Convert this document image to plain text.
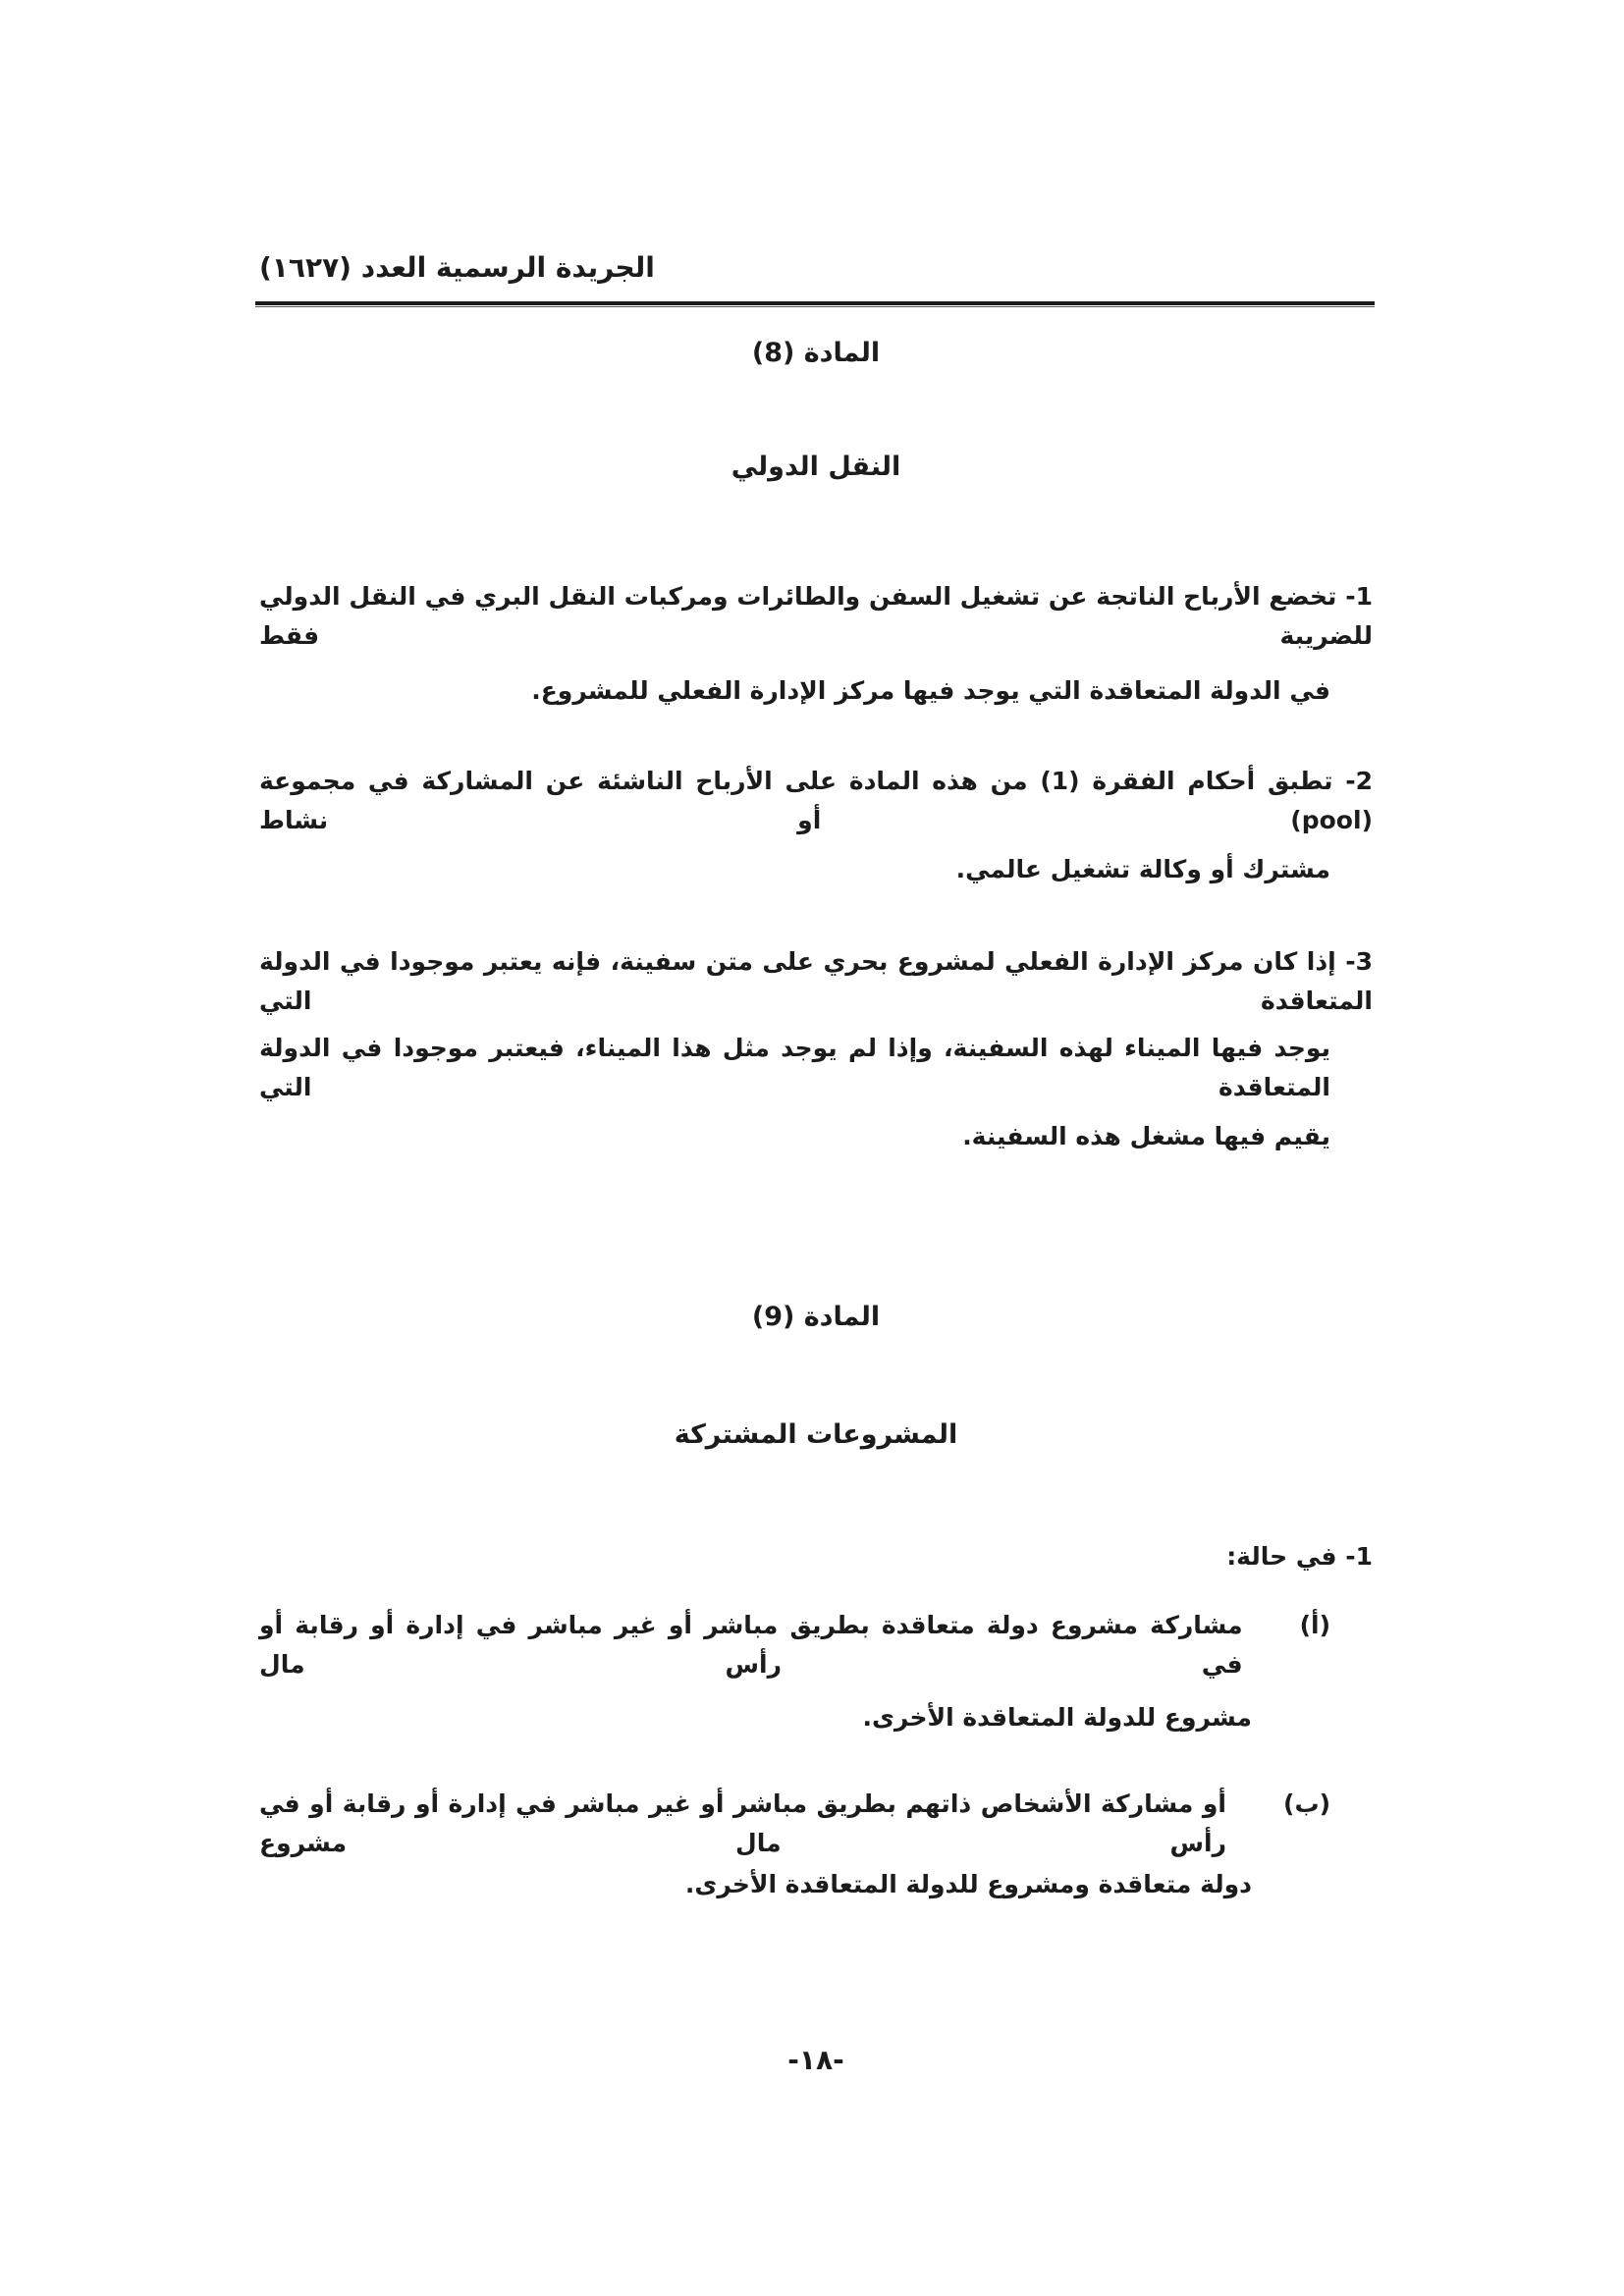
الجريدة الرسمية العدد (١٦٢٧)
المادة (8)
النقل الدولي
1- تخضع الأرباح الناتجة عن تشغيل السفن والطائرات ومركبات النقل البري في النقل الدولي للضريبة فقط
في الدولة المتعاقدة التي يوجد فيها مركز الإدارة الفعلي للمشروع.
2- تطبق أحكام الفقرة (1) من هذه المادة على الأرباح الناشئة عن المشاركة في مجموعة (pool) أو نشاط
مشترك أو وكالة تشغيل عالمي.
3- إذا كان مركز الإدارة الفعلي لمشروع بحري على متن سفينة، فإنه يعتبر موجودا في الدولة المتعاقدة التي
يوجد فيها الميناء لهذه السفينة، وإذا لم يوجد مثل هذا الميناء، فيعتبر موجودا في الدولة المتعاقدة التي
يقيم فيها مشغل هذه السفينة.
المادة (9)
المشروعات المشتركة
1- في حالة:
(أ)
مشاركة مشروع دولة متعاقدة بطريق مباشر أو غير مباشر في إدارة أو رقابة أو في رأس مال
مشروع للدولة المتعاقدة الأخرى.
(ب)
أو مشاركة الأشخاص ذاتهم بطريق مباشر أو غير مباشر في إدارة أو رقابة أو في رأس مال مشروع
دولة متعاقدة ومشروع للدولة المتعاقدة الأخرى.
-١٨-
